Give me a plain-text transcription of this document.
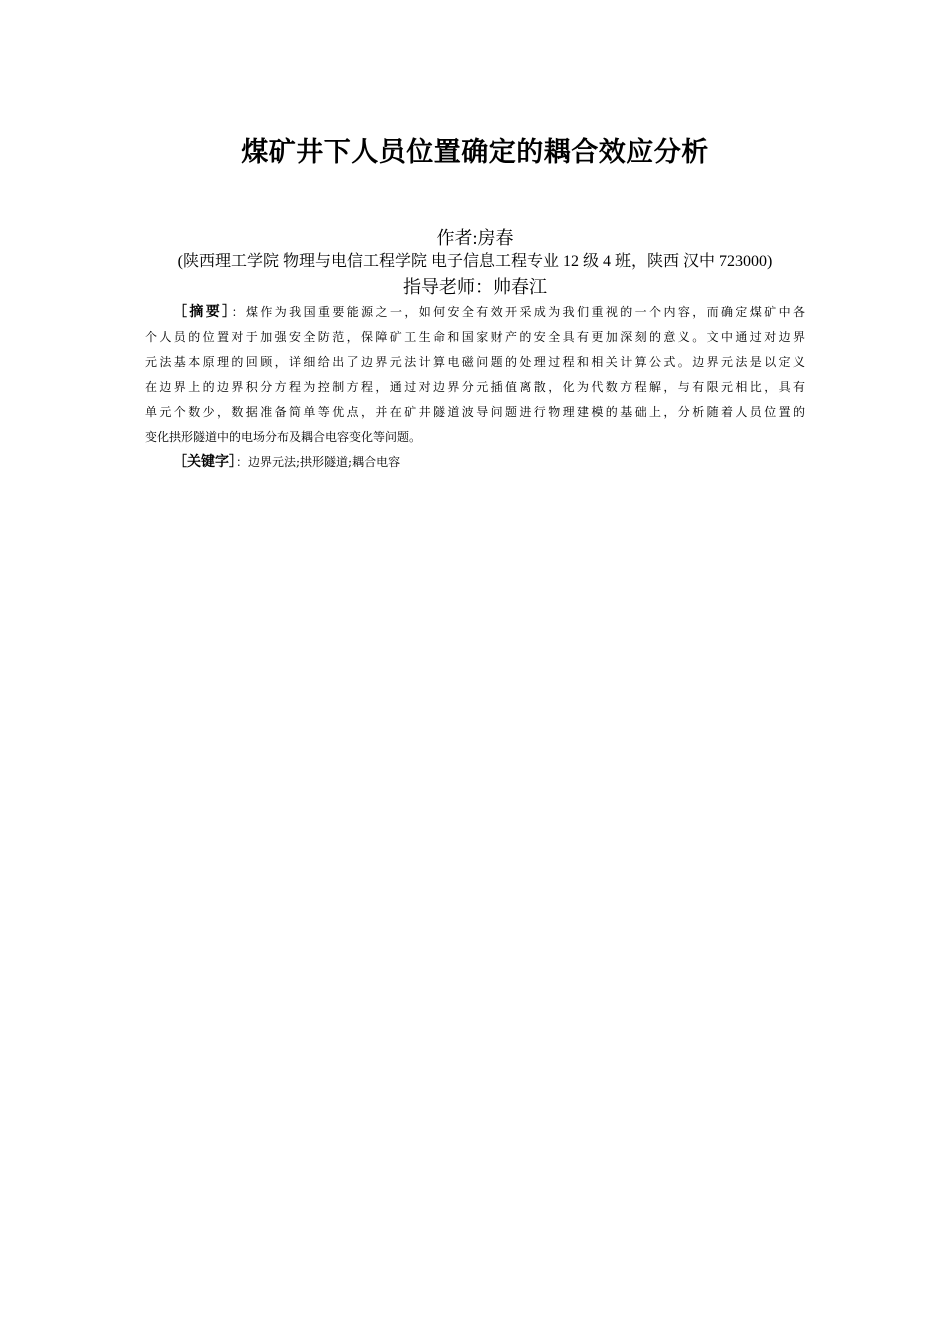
煤矿井下人员位置确定的耦合效应分析
作者:房春
(陕西理工学院 物理与电信工程学院 电子信息工程专业 12 级 4 班，陕西 汉中 723000)
指导老师：帅春江
［摘要］：煤作为我国重要能源之一，如何安全有效开采成为我们重视的一个内容，而确定煤矿中各
个人员的位置对于加强安全防范，保障矿工生命和国家财产的安全具有更加深刻的意义。文中通过对边界
元法基本原理的回顾，详细给出了边界元法计算电磁问题的处理过程和相关计算公式。边界元法是以定义
在边界上的边界积分方程为控制方程，通过对边界分元插值离散，化为代数方程解，与有限元相比，具有
单元个数少，数据准备简单等优点，并在矿井隧道波导问题进行物理建模的基础上，分析随着人员位置的
变化拱形隧道中的电场分布及耦合电容变化等问题。
［关键字］：边界元法;拱形隧道;耦合电容
